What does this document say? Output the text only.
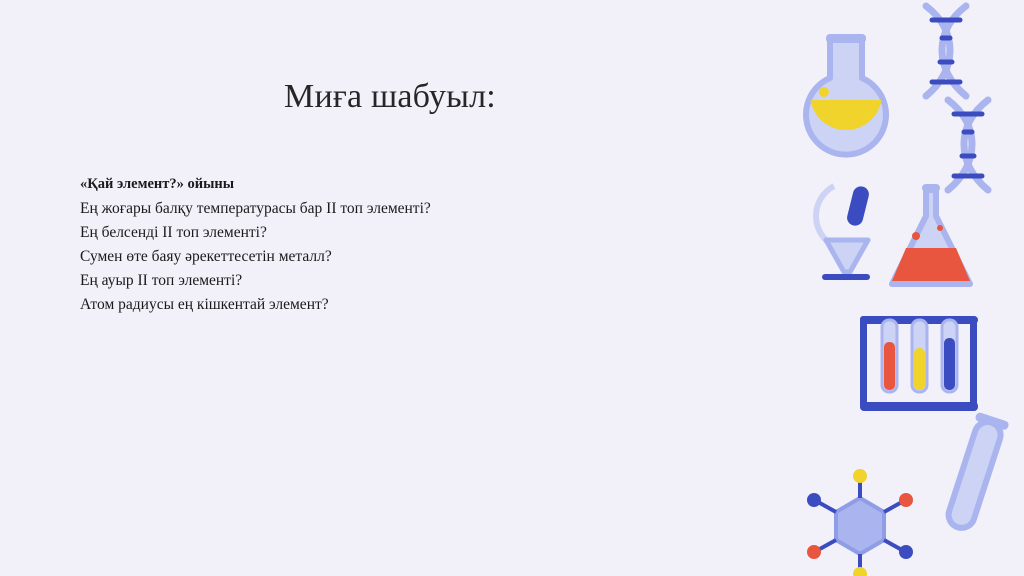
Миға шабуыл:
«Қай элемент?» ойыны
Ең жоғары балқу температурасы бар II топ элементі?
Ең белсенді II топ элементі?
Сумен өте баяу әрекеттесетін металл?
Ең ауыр II топ элементі?
Атом радиусы ең кішкентай элемент?
